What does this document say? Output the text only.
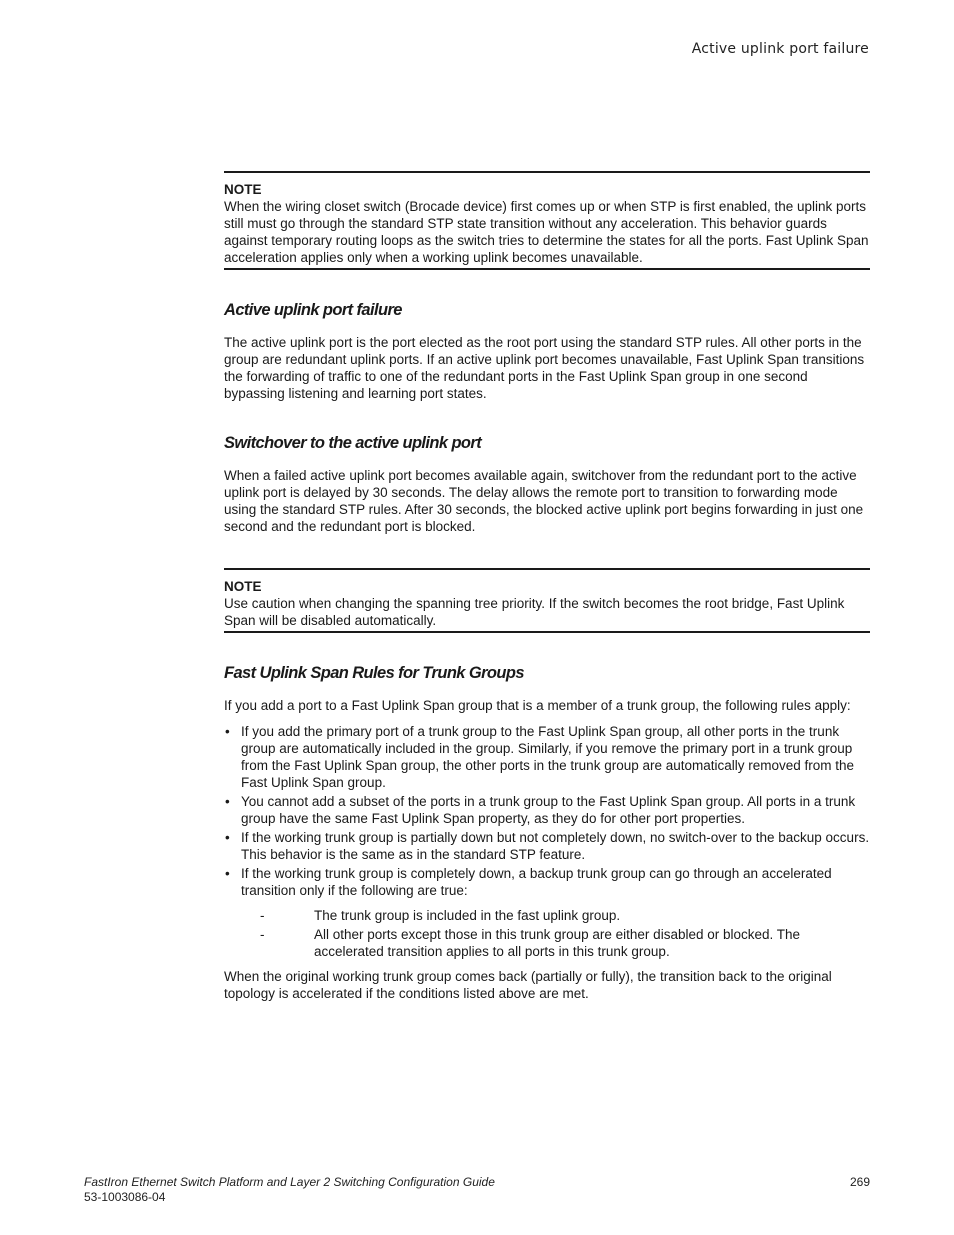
Active uplink port failure
NOTE
When the wiring closet switch (Brocade device) first comes up or when STP is first enabled, the uplink ports still must go through the standard STP state transition without any acceleration. This behavior guards against temporary routing loops as the switch tries to determine the states for all the ports. Fast Uplink Span acceleration applies only when a working uplink becomes unavailable.
Active uplink port failure

The active uplink port is the port elected as the root port using the standard STP rules. All other ports in the group are redundant uplink ports. If an active uplink port becomes unavailable, Fast Uplink Span transitions the forwarding of traffic to one of the redundant ports in the Fast Uplink Span group in one second bypassing listening and learning port states.

Switchover to the active uplink port

When a failed active uplink port becomes available again, switchover from the redundant port to the active uplink port is delayed by 30 seconds. The delay allows the remote port to transition to forwarding mode using the standard STP rules. After 30 seconds, the blocked active uplink port begins forwarding in just one second and the redundant port is blocked.

NOTE
Use caution when changing the spanning tree priority. If the switch becomes the root bridge, Fast Uplink Span will be disabled automatically.
Fast Uplink Span Rules for Trunk Groups

If you add a port to a Fast Uplink Span group that is a member of a trunk group, the following rules apply:

• If you add the primary port of a trunk group to the Fast Uplink Span group, all other ports in the trunk group are automatically included in the group. Similarly, if you remove the primary port in a trunk group from the Fast Uplink Span group, the other ports in the trunk group are automatically removed from the Fast Uplink Span group.
• You cannot add a subset of the ports in a trunk group to the Fast Uplink Span group. All ports in a trunk group have the same Fast Uplink Span property, as they do for other port properties.
• If the working trunk group is partially down but not completely down, no switch-over to the backup occurs. This behavior is the same as in the standard STP feature.
• If the working trunk group is completely down, a backup trunk group can go through an accelerated transition only if the following are true:
-	The trunk group is included in the fast uplink group.
-	All other ports except those in this trunk group are either disabled or blocked. The accelerated transition applies to all ports in this trunk group.

When the original working trunk group comes back (partially or fully), the transition back to the original topology is accelerated if the conditions listed above are met.

FastIron Ethernet Switch Platform and Layer 2 Switching Configuration Guide
53-1003086-04
269
